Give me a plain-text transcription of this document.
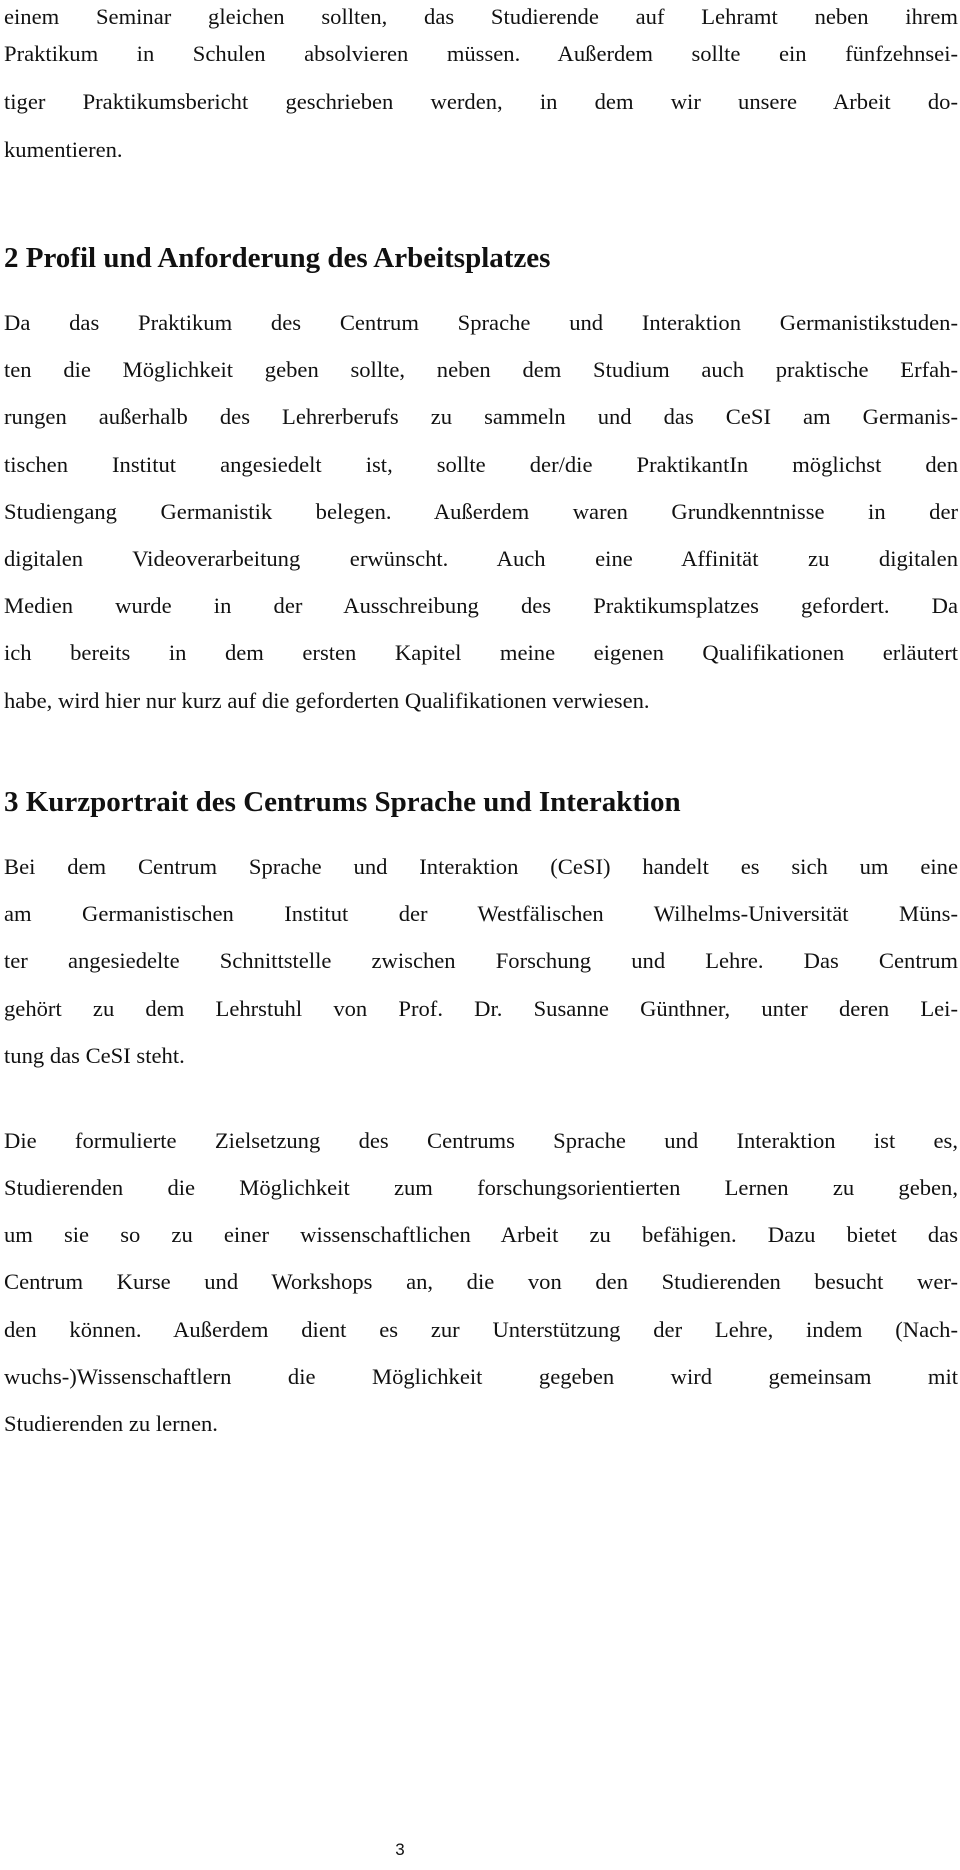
einem Seminar gleichen sollten, das Studierende auf Lehramt neben ihrem
Praktikum in Schulen absolvieren müssen. Außerdem sollte ein fünfzehnsei-
tiger Praktikumsbericht geschrieben werden, in dem wir unsere Arbeit do-
kumentieren.
2 Profil und Anforderung des Arbeitsplatzes
Da das Praktikum des Centrum Sprache und Interaktion Germanistikstuden-
ten die Möglichkeit geben sollte, neben dem Studium auch praktische Erfah-
rungen außerhalb des Lehrerberufs zu sammeln und das CeSI am Germanis-
tischen Institut angesiedelt ist, sollte der/die PraktikantIn möglichst den
Studiengang Germanistik belegen. Außerdem waren Grundkenntnisse in der
digitalen Videoverarbeitung erwünscht. Auch eine Affinität zu digitalen
Medien wurde in der Ausschreibung des Praktikumsplatzes gefordert. Da
ich bereits in dem ersten Kapitel meine eigenen Qualifikationen erläutert
habe, wird hier nur kurz auf die geforderten Qualifikationen verwiesen.
3 Kurzportrait des Centrums Sprache und Interaktion
Bei dem Centrum Sprache und Interaktion (CeSI) handelt es sich um eine
am Germanistischen Institut der Westfälischen Wilhelms-Universität Müns-
ter angesiedelte Schnittstelle zwischen Forschung und Lehre. Das Centrum
gehört zu dem Lehrstuhl von Prof. Dr. Susanne Günthner, unter deren Lei-
tung das CeSI steht.
Die formulierte Zielsetzung des Centrums Sprache und Interaktion ist es,
Studierenden die Möglichkeit zum forschungsorientierten Lernen zu geben,
um sie so zu einer wissenschaftlichen Arbeit zu befähigen. Dazu bietet das
Centrum Kurse und Workshops an, die von den Studierenden besucht wer-
den können. Außerdem dient es zur Unterstützung der Lehre, indem (Nach-
wuchs-)Wissenschaftlern die Möglichkeit gegeben wird gemeinsam mit
Studierenden zu lernen.
3
